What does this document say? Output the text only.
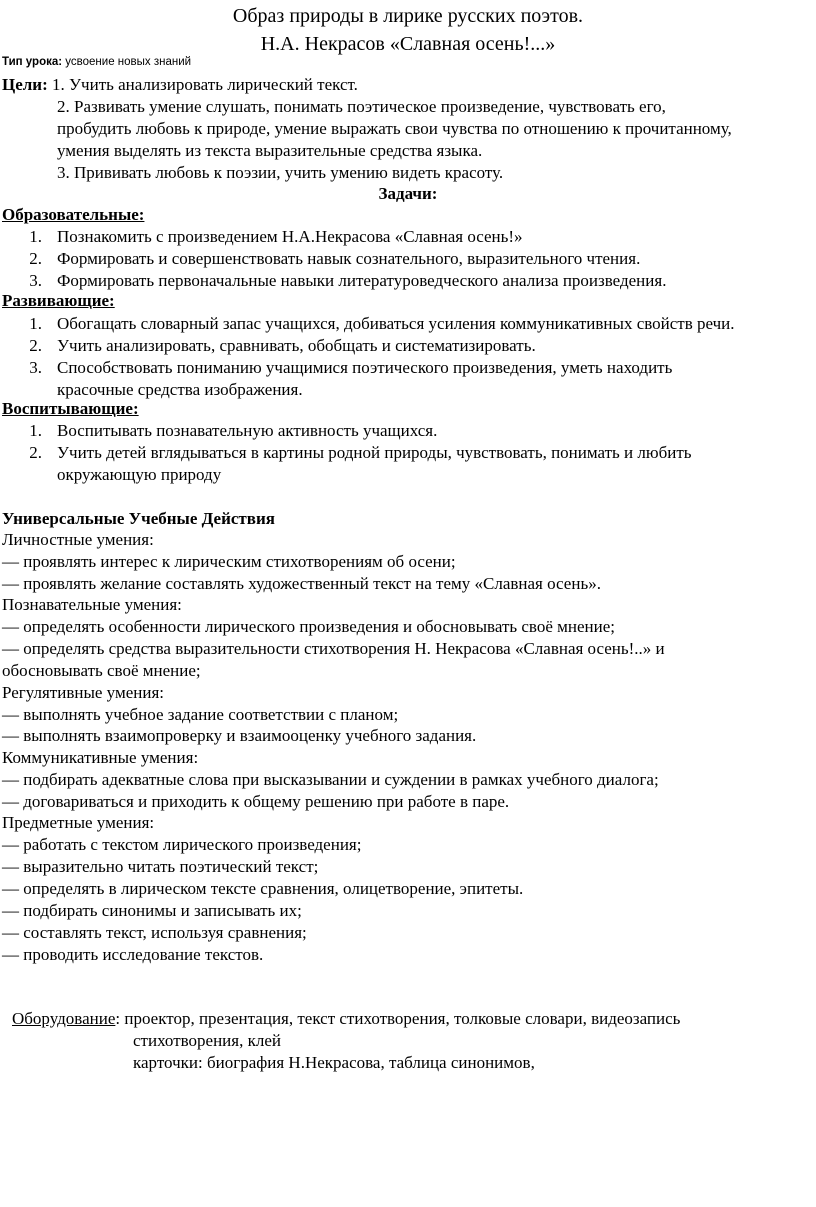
Образ природы в лирике русских поэтов.
Н.А. Некрасов «Славная осень!...»
Тип урока: усвоение новых знаний
Цели: 1. Учить анализировать лирический текст.
2. Развивать умение слушать, понимать поэтическое произведение, чувствовать его,
пробудить любовь к природе, умение выражать свои чувства по отношению к прочитанному,
умения выделять из текста выразительные средства языка.
3. Прививать любовь к поэзии, учить умению видеть красоту.
Задачи:
Образовательные:
1. Познакомить с произведением Н.А.Некрасова «Славная осень!»
2. Формировать и совершенствовать навык сознательного, выразительного чтения.
3. Формировать первоначальные навыки литературоведческого анализа произведения.
Развивающие:
1. Обогащать словарный запас учащихся, добиваться усиления коммуникативных свойств речи.
2. Учить анализировать, сравнивать, обобщать и систематизировать.
3. Способствовать пониманию учащимися поэтического произведения, уметь находить
красочные средства изображения.
Воспитывающие:
1. Воспитывать познавательную активность учащихся.
2. Учить детей вглядываться в картины родной природы, чувствовать, понимать и любить
окружающую природу
Универсальные Учебные Действия
Личностные умения:
— проявлять интерес к лирическим стихотворениям об осени;
— проявлять желание составлять художественный текст на тему «Славная осень».
Познавательные умения:
— определять особенности лирического произведения и обосновывать своё мнение;
— определять средства выразительности стихотворения Н. Некрасова «Славная осень!..» и
обосновывать своё мнение;
Регулятивные умения:
— выполнять учебное задание соответствии с планом;
— выполнять взаимопроверку и взаимооценку учебного задания.
Коммуникативные умения:
— подбирать адекватные слова при высказывании и суждении в рамках учебного диалога;
— договариваться и приходить к общему решению при работе в паре.
Предметные умения:
— работать с текстом лирического произведения;
— выразительно читать поэтический текст;
— определять в лирическом тексте сравнения, олицетворение, эпитеты.
— подбирать синонимы и записывать их;
— составлять текст, используя сравнения;
— проводить исследование текстов.
Оборудование: проектор, презентация, текст стихотворения, толковые словари, видеозапись
стихотворения, клей
карточки: биография Н.Некрасова, таблица синонимов,
